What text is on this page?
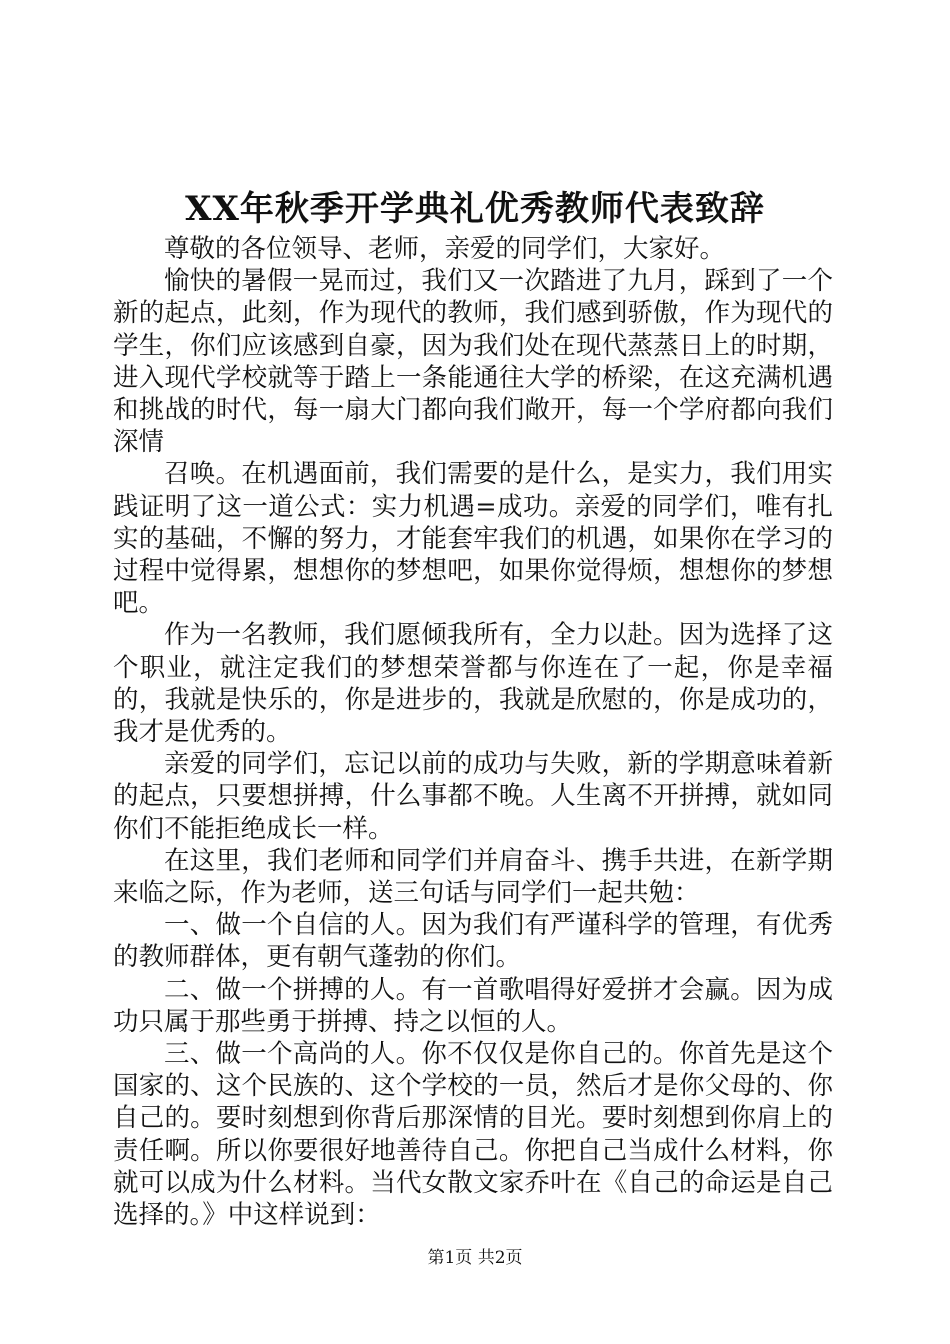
XX年秋季开学典礼优秀教师代表致辞

尊敬的各位领导、老师，亲爱的同学们，大家好。

愉快的暑假一晃而过，我们又一次踏进了九月，踩到了一个新的起点，此刻，作为现代的教师，我们感到骄傲，作为现代的学生，你们应该感到自豪，因为我们处在现代蒸蒸日上的时期，进入现代学校就等于踏上一条能通往大学的桥梁，在这充满机遇和挑战的时代，每一扇大门都向我们敞开，每一个学府都向我们深情

召唤。在机遇面前，我们需要的是什么，是实力，我们用实践证明了这一道公式：实力机遇=成功。亲爱的同学们，唯有扎实的基础，不懈的努力，才能套牢我们的机遇，如果你在学习的过程中觉得累，想想你的梦想吧，如果你觉得烦，想想你的梦想吧。

作为一名教师，我们愿倾我所有，全力以赴。因为选择了这个职业，就注定我们的梦想荣誉都与你连在了一起，你是幸福的，我就是快乐的，你是进步的，我就是欣慰的，你是成功的，我才是优秀的。

亲爱的同学们，忘记以前的成功与失败，新的学期意味着新的起点，只要想拼搏，什么事都不晚。人生离不开拼搏，就如同你们不能拒绝成长一样。

在这里，我们老师和同学们并肩奋斗、携手共进，在新学期来临之际，作为老师，送三句话与同学们一起共勉：

一、做一个自信的人。因为我们有严谨科学的管理，有优秀的教师群体，更有朝气蓬勃的你们。

二、做一个拼搏的人。有一首歌唱得好爱拼才会赢。因为成功只属于那些勇于拼搏、持之以恒的人。

三、做一个高尚的人。你不仅仅是你自己的。你首先是这个国家的、这个民族的、这个学校的一员，然后才是你父母的、你自己的。要时刻想到你背后那深情的目光。要时刻想到你肩上的责任啊。所以你要很好地善待自己。你把自己当成什么材料，你就可以成为什么材料。当代女散文家乔叶在《自己的命运是自己选择的。》中这样说到：

第1页 共2页
